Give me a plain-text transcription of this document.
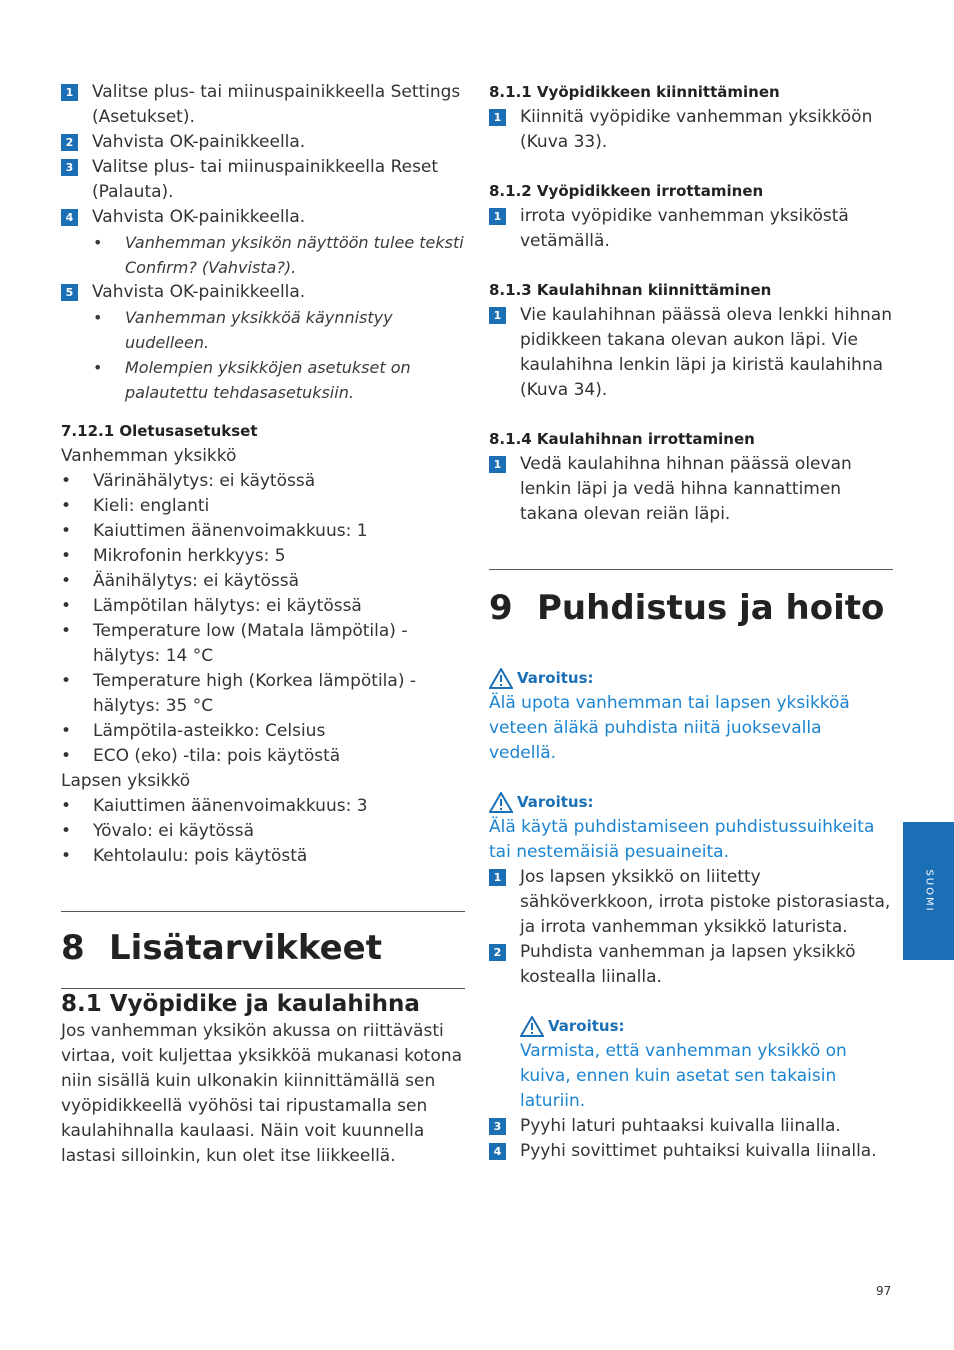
1 Valitse plus- tai miinuspainikkeella Settings (Asetukset).
2 Vahvista OK-painikkeella.
3 Valitse plus- tai miinuspainikkeella Reset (Palauta).
4 Vahvista OK-painikkeella.
• Vanhemman yksikön näyttöön tulee teksti Confırm? (Vahvista?).
5 Vahvista OK-painikkeella.
• Vanhemman yksikköä käynnistyy uudelleen.
• Molempien yksikköjen asetukset on palautettu tehdasasetuksiin.
7.12.1 Oletusasetukset
Vanhemman yksikkö
• Värinähälytys: ei käytössä
• Kieli: englanti
• Kaiuttimen äänenvoimakkuus: 1
• Mikrofonin herkkyys: 5
• Äänihälytys: ei käytössä
• Lämpötilan hälytys: ei käytössä
• Temperature low (Matala lämpötila) -hälytys: 14 °C
• Temperature high (Korkea lämpötila) -hälytys: 35 °C
• Lämpötila-asteikko: Celsius
• ECO (eko) -tila: pois käytöstä
Lapsen yksikkö
• Kaiuttimen äänenvoimakkuus: 3
• Yövalo: ei käytössä
• Kehtolaulu: pois käytöstä
8 Lisätarvikkeet
8.1 Vyöpidike ja kaulahihna
Jos vanhemman yksikön akussa on riittävästi virtaa, voit kuljettaa yksikköä mukanasi kotona niin sisällä kuin ulkonakin kiinnittämällä sen vyöpidikkeellä vyöhösi tai ripustamalla sen kaulahihnalla kaulaasi. Näin voit kuunnella lastasi silloinkin, kun olet itse liikkeellä.
8.1.1 Vyöpidikkeen kiinnittäminen
1 Kiinnitä vyöpidike vanhemman yksikköön (Kuva 33).
8.1.2 Vyöpidikkeen irrottaminen
1 irrota vyöpidike vanhemman yksiköstä vetämällä.
8.1.3 Kaulahihnan kiinnittäminen
1 Vie kaulahihnan päässä oleva lenkki hihnan pidikkeen takana olevan aukon läpi. Vie kaulahihna lenkin läpi ja kiristä kaulahihna (Kuva 34).
8.1.4 Kaulahihnan irrottaminen
1 Vedä kaulahihna hihnan päässä olevan lenkin läpi ja vedä hihna kannattimen takana olevan reiän läpi.
9 Puhdistus ja hoito
Varoitus:
Älä upota vanhemman tai lapsen yksikköä veteen äläkä puhdista niitä juoksevalla vedellä.
Varoitus:
Älä käytä puhdistamiseen puhdistussuihkeita tai nestemäisiä pesuaineita.
1 Jos lapsen yksikkö on liitetty sähköverkkoon, irrota pistoke pistorasiasta, ja irrota vanhemman yksikkö laturista.
2 Puhdista vanhemman ja lapsen yksikkö kostealla liinalla.
Varoitus:
Varmista, että vanhemman yksikkö on kuiva, ennen kuin asetat sen takaisin laturiin.
3 Pyyhi laturi puhtaaksi kuivalla liinalla.
4 Pyyhi sovittimet puhtaiksi kuivalla liinalla.
SUOMI
97
